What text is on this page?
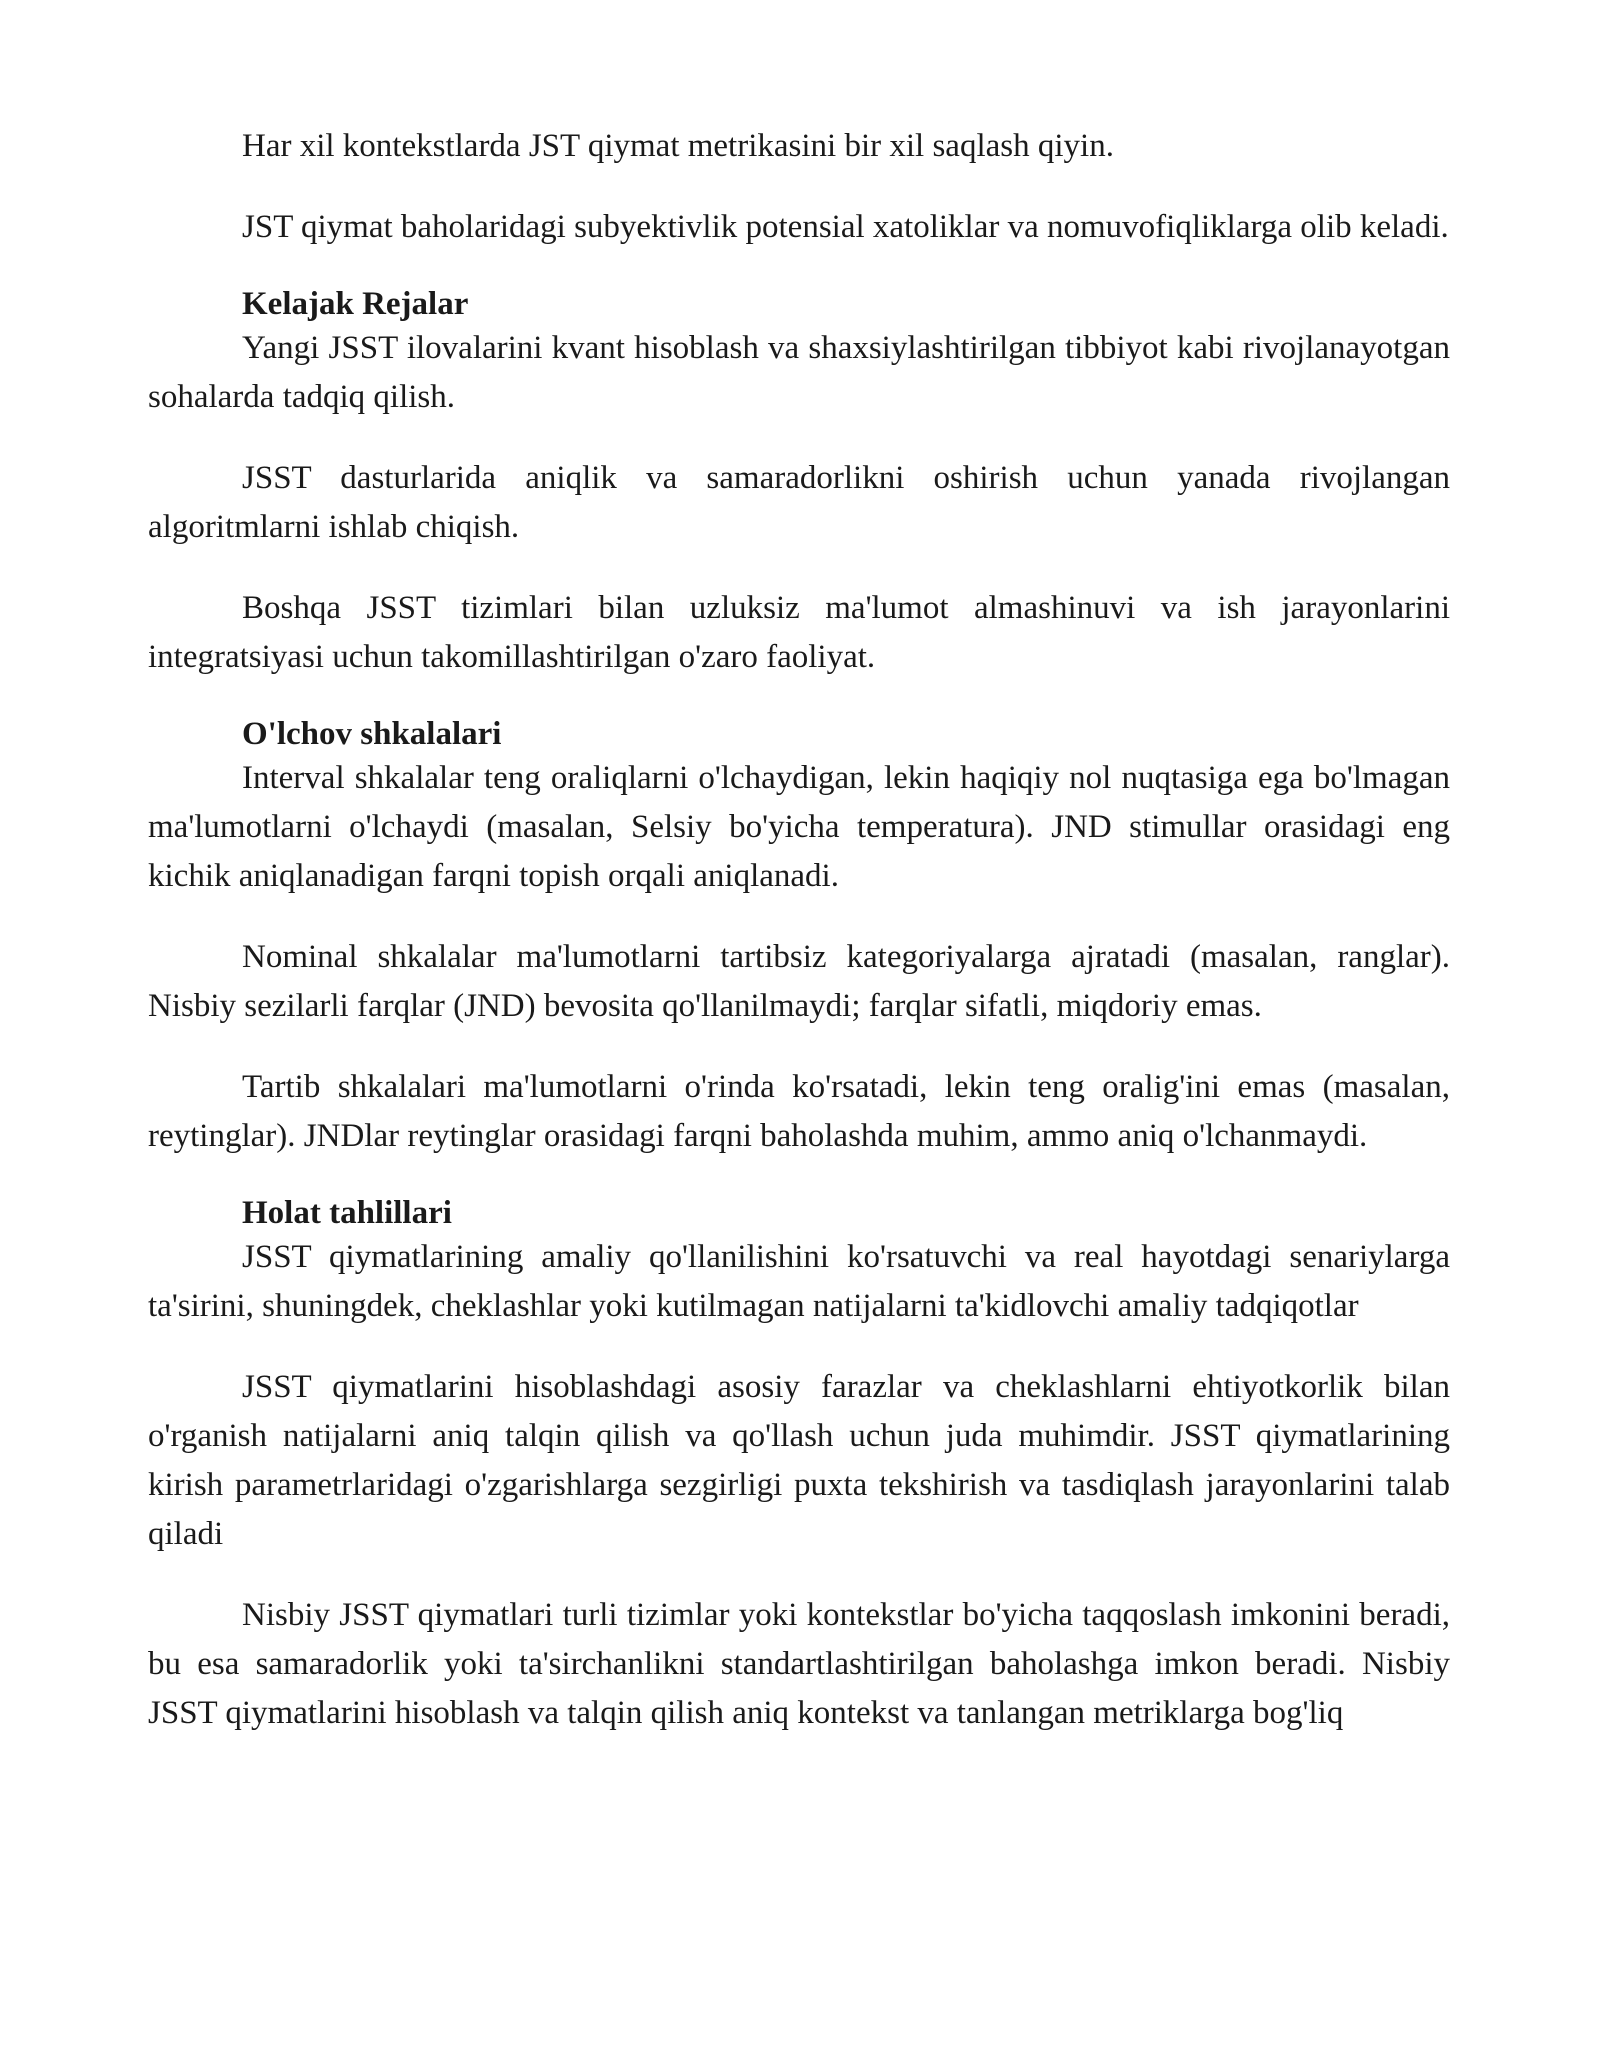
Har xil kontekstlarda JST qiymat metrikasini bir xil saqlash qiyin.

JST qiymat baholaridagi subyektivlik potensial xatoliklar va nomuvofiqliklarga olib keladi.

Kelajak Rejalar

Yangi JSST ilovalarini kvant hisoblash va shaxsiylashtirilgan tibbiyot kabi rivojlanayotgan sohalarda tadqiq qilish.

JSST dasturlarida aniqlik va samaradorlikni oshirish uchun yanada rivojlangan algoritmlarni ishlab chiqish.

Boshqa JSST tizimlari bilan uzluksiz ma'lumot almashinuvi va ish jarayonlarini integratsiyasi uchun takomillashtirilgan o'zaro faoliyat.

O'lchov shkalalari

Interval shkalalar teng oraliqlarni o'lchaydigan, lekin haqiqiy nol nuqtasiga ega bo'lmagan ma'lumotlarni o'lchaydi (masalan, Selsiy bo'yicha temperatura). JND stimullar orasidagi eng kichik aniqlanadigan farqni topish orqali aniqlanadi.

Nominal shkalalar ma'lumotlarni tartibsiz kategoriyalarga ajratadi (masalan, ranglar). Nisbiy sezilarli farqlar (JND) bevosita qo'llanilmaydi; farqlar sifatli, miqdoriy emas.

Tartib shkalalari ma'lumotlarni o'rinda ko'rsatadi, lekin teng oralig'ini emas (masalan, reytinglar). JNDlar reytinglar orasidagi farqni baholashda muhim, ammo aniq o'lchanmaydi.

Holat tahlillari

JSST qiymatlarining amaliy qo'llanilishini ko'rsatuvchi va real hayotdagi senariylarga ta'sirini, shuningdek, cheklashlar yoki kutilmagan natijalarni ta'kidlovchi amaliy tadqiqotlar

JSST qiymatlarini hisoblashdagi asosiy farazlar va cheklashlarni ehtiyotkorlik bilan o'rganish natijalarni aniq talqin qilish va qo'llash uchun juda muhimdir. JSST qiymatlarining kirish parametrlaridagi o'zgarishlarga sezgirligi puxta tekshirish va tasdiqlash jarayonlarini talab qiladi

Nisbiy JSST qiymatlari turli tizimlar yoki kontekstlar bo'yicha taqqoslash imkonini beradi, bu esa samaradorlik yoki ta'sirchanlikni standartlashtirilgan baholashga imkon beradi. Nisbiy JSST qiymatlarini hisoblash va talqin qilish aniq kontekst va tanlangan metriklarga bog'liq
